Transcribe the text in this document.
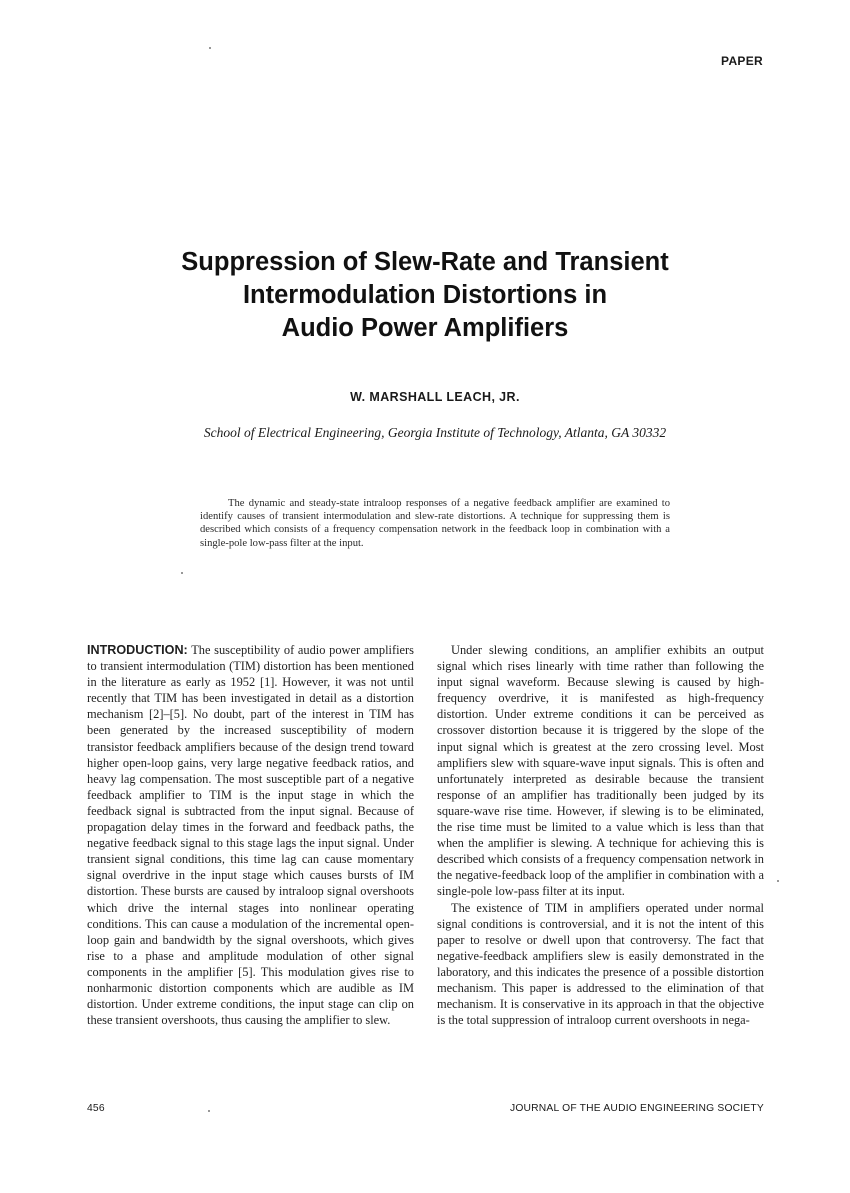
PAPER
Suppression of Slew-Rate and Transient
Intermodulation Distortions in
Audio Power Amplifiers
W. MARSHALL LEACH, JR.
School of Electrical Engineering, Georgia Institute of Technology, Atlanta, GA 30332
The dynamic and steady-state intraloop responses of a negative feedback amplifier are examined to identify causes of transient intermodulation and slew-rate distortions. A technique for suppressing them is described which consists of a frequency compensation network in the feedback loop in combination with a single-pole low-pass filter at the input.

INTRODUCTION: The susceptibility of audio power amplifiers to transient intermodulation (TIM) distortion has been mentioned in the literature as early as 1952 [1]. However, it was not until recently that TIM has been investigated in detail as a distortion mechanism [2]–[5]. No doubt, part of the interest in TIM has been generated by the increased susceptibility of modern transistor feedback amplifiers because of the design trend toward higher open-loop gains, very large negative feedback ratios, and heavy lag compensation. The most susceptible part of a negative feedback amplifier to TIM is the input stage in which the feedback signal is subtracted from the input signal. Because of propagation delay times in the forward and feedback paths, the negative feedback signal to this stage lags the input signal. Under transient signal conditions, this time lag can cause momentary signal overdrive in the input stage which causes bursts of IM distortion. These bursts are caused by intraloop signal overshoots which drive the internal stages into nonlinear operating conditions. This can cause a modulation of the incremental open-loop gain and bandwidth by the signal overshoots, which gives rise to a phase and amplitude modulation of other signal components in the amplifier [5]. This modulation gives rise to nonharmonic distortion components which are audible as IM distortion. Under extreme conditions, the input stage can clip on these transient overshoots, thus causing the amplifier to slew.

Under slewing conditions, an amplifier exhibits an output signal which rises linearly with time rather than following the input signal waveform. Because slewing is caused by high-frequency overdrive, it is manifested as high-frequency distortion. Under extreme conditions it can be perceived as crossover distortion because it is triggered by the slope of the input signal which is greatest at the zero crossing level. Most amplifiers slew with square-wave input signals. This is often and unfortunately interpreted as desirable because the transient response of an amplifier has traditionally been judged by its square-wave rise time. However, if slewing is to be eliminated, the rise time must be limited to a value which is less than that when the amplifier is slewing. A technique for achieving this is described which consists of a frequency compensation network in the negative-feedback loop of the amplifier in combination with a single-pole low-pass filter at its input.

The existence of TIM in amplifiers operated under normal signal conditions is controversial, and it is not the intent of this paper to resolve or dwell upon that controversy. The fact that negative-feedback amplifiers slew is easily demonstrated in the laboratory, and this indicates the presence of a possible distortion mechanism. This paper is addressed to the elimination of that mechanism. It is conservative in its approach in that the objective is the total suppression of intraloop current overshoots in nega-

456	JOURNAL OF THE AUDIO ENGINEERING SOCIETY
